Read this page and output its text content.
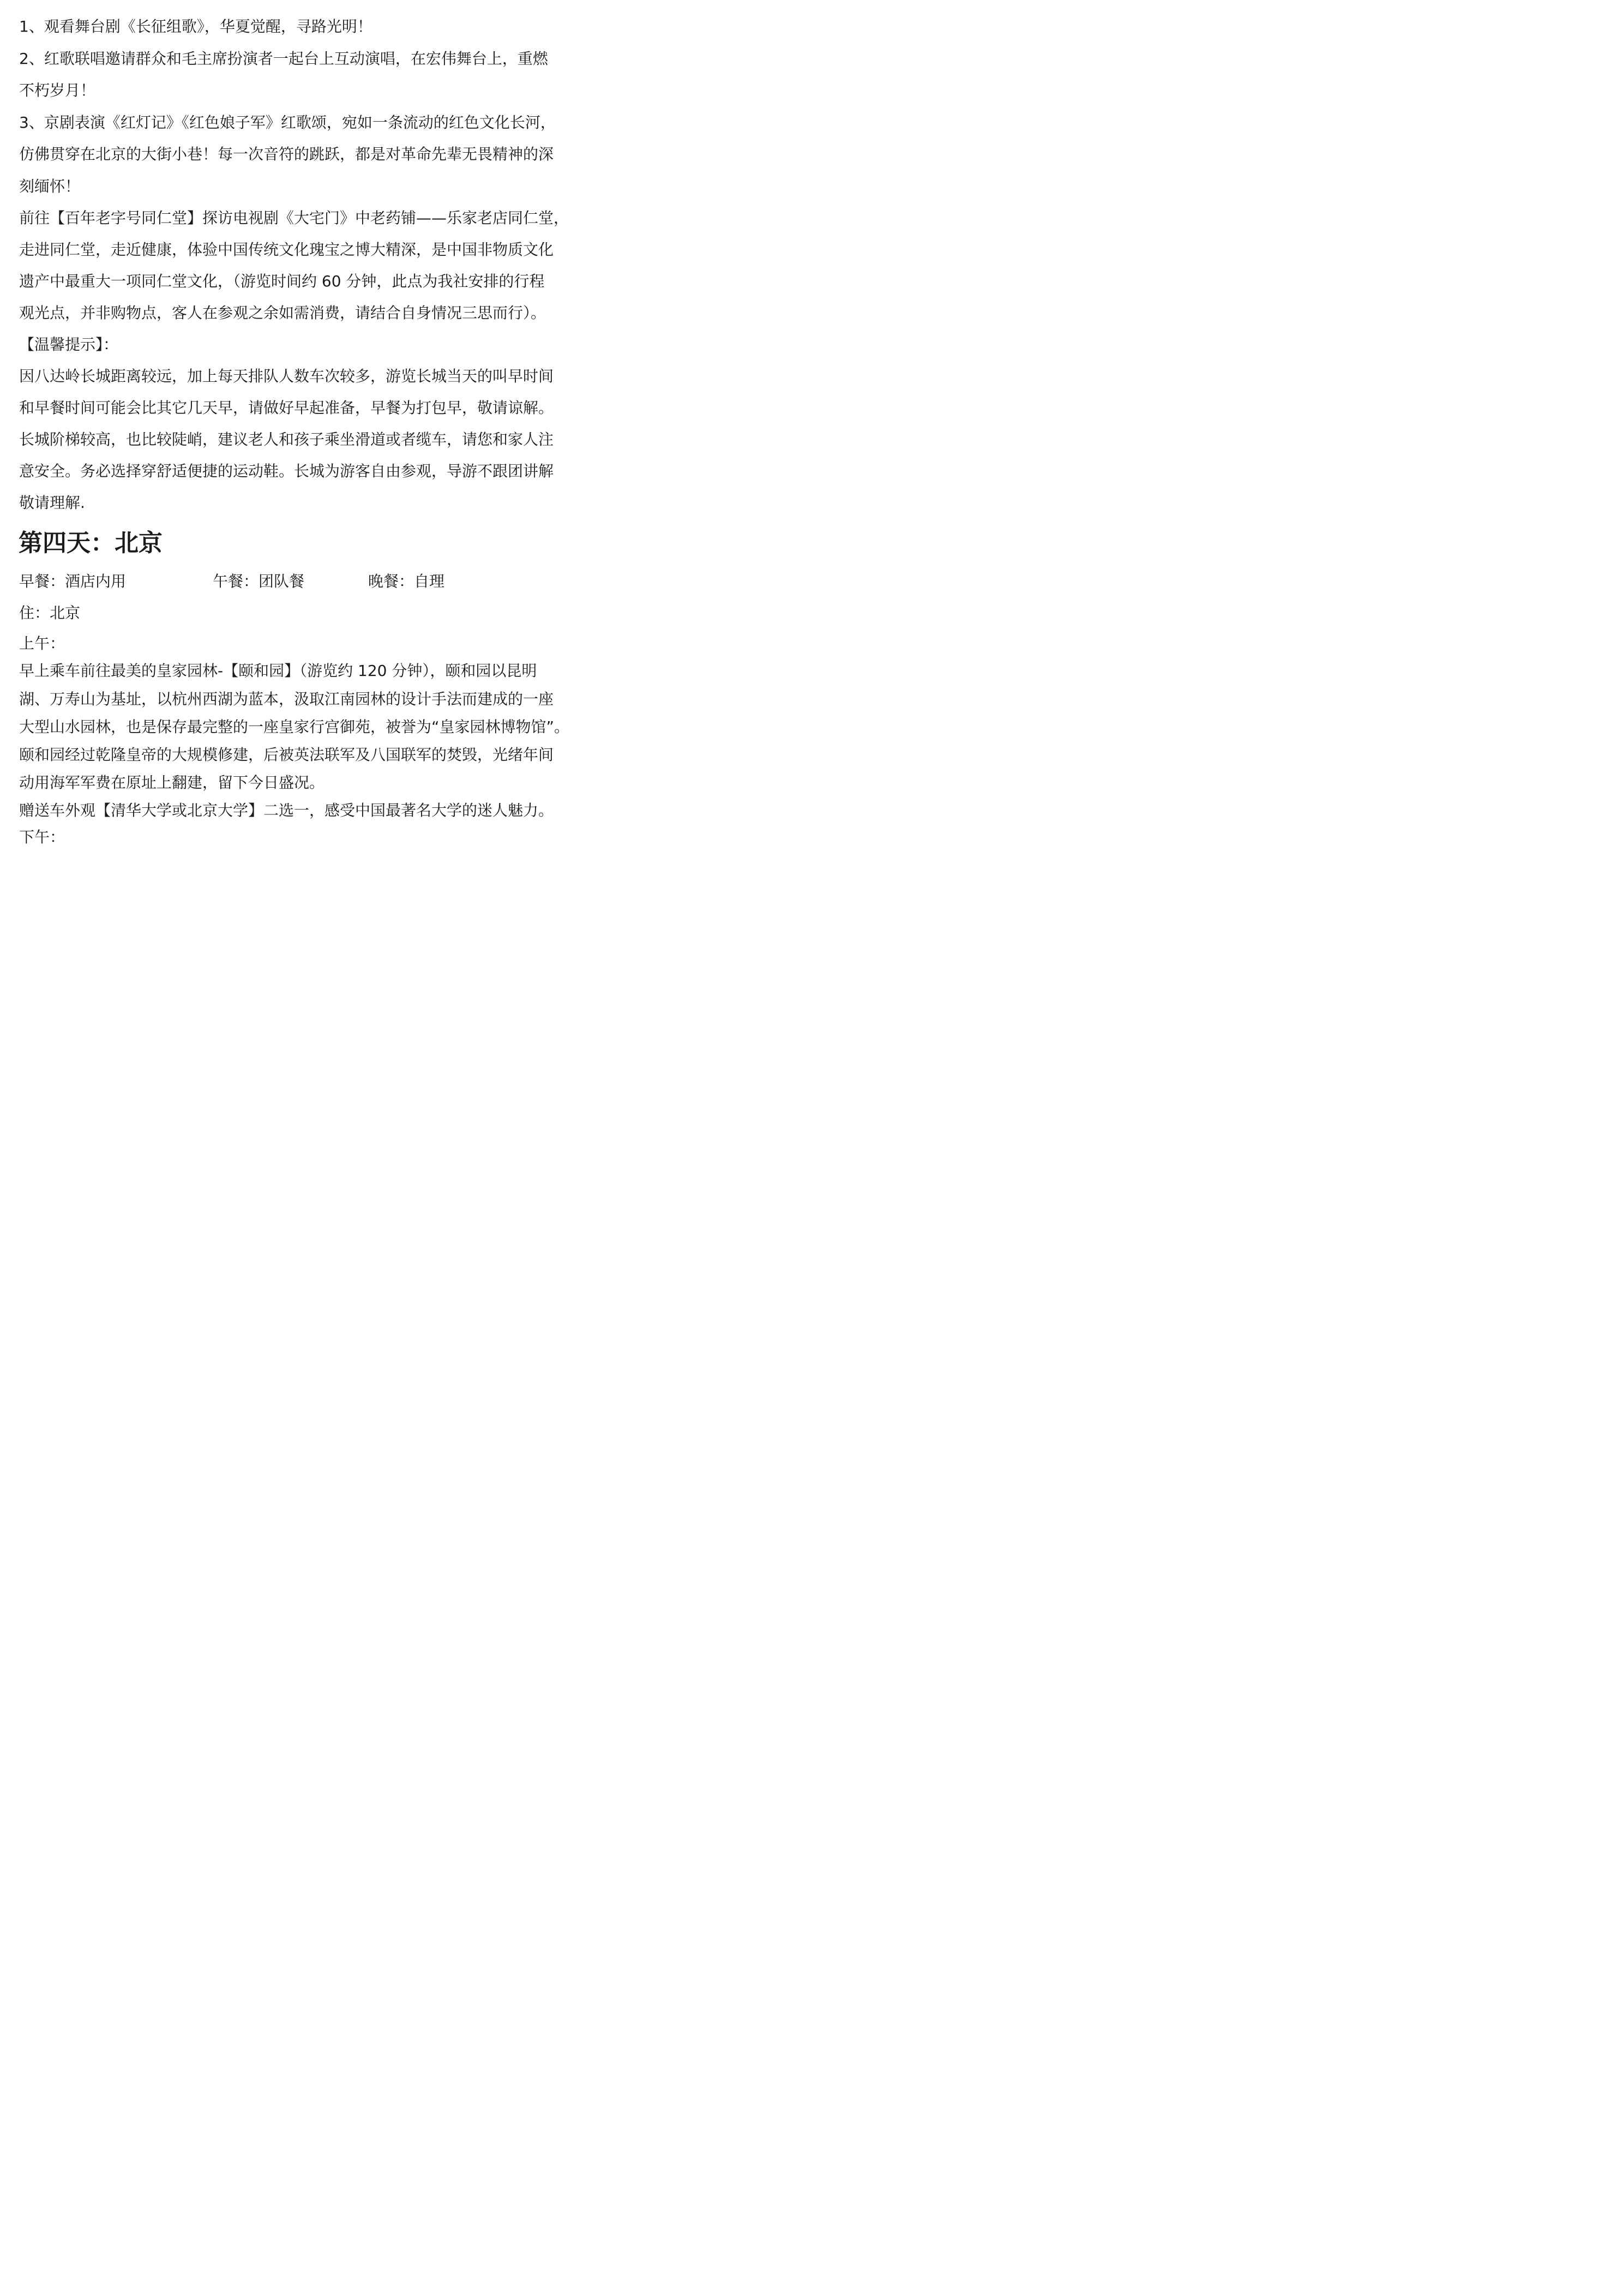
1、观看舞台剧《长征组歌》，华夏觉醒，寻路光明！

2、红歌联唱邀请群众和毛主席扮演者一起台上互动演唱，在宏伟舞台上，重燃

不朽岁月！

3、京剧表演《红灯记》《红色娘子军》红歌颂，宛如一条流动的红色文化长河，

仿佛贯穿在北京的大街小巷！每一次音符的跳跃，都是对革命先辈无畏精神的深

刻缅怀！

前往【百年老字号同仁堂】探访电视剧《大宅门》中老药铺——乐家老店同仁堂，

走进同仁堂，走近健康，体验中国传统文化瑰宝之博大精深，是中国非物质文化

遗产中最重大一项同仁堂文化，（游览时间约 60 分钟，此点为我社安排的行程

观光点，并非购物点，客人在参观之余如需消费，请结合自身情况三思而行）。

【温馨提示】：

因八达岭长城距离较远，加上每天排队人数车次较多，游览长城当天的叫早时间

和早餐时间可能会比其它几天早，请做好早起准备，早餐为打包早，敬请谅解。

长城阶梯较高，也比较陡峭，建议老人和孩子乘坐滑道或者缆车，请您和家人注

意安全。务必选择穿舒适便捷的运动鞋。长城为游客自由参观，导游不跟团讲解

敬请理解.

第四天：北京
早餐：酒店内用	午餐：团队餐	晚餐：自理

住：北京

上午：

早上乘车前往最美的皇家园林-【颐和园】（游览约 120 分钟），颐和园以昆明

湖、万寿山为基址，以杭州西湖为蓝本，汲取江南园林的设计手法而建成的一座

大型山水园林，也是保存最完整的一座皇家行宫御苑，被誉为“皇家园林博物馆”。

颐和园经过乾隆皇帝的大规模修建，后被英法联军及八国联军的焚毁，光绪年间

动用海军军费在原址上翻建，留下今日盛况。

赠送车外观【清华大学或北京大学】二选一，感受中国最著名大学的迷人魅力。

下午：
